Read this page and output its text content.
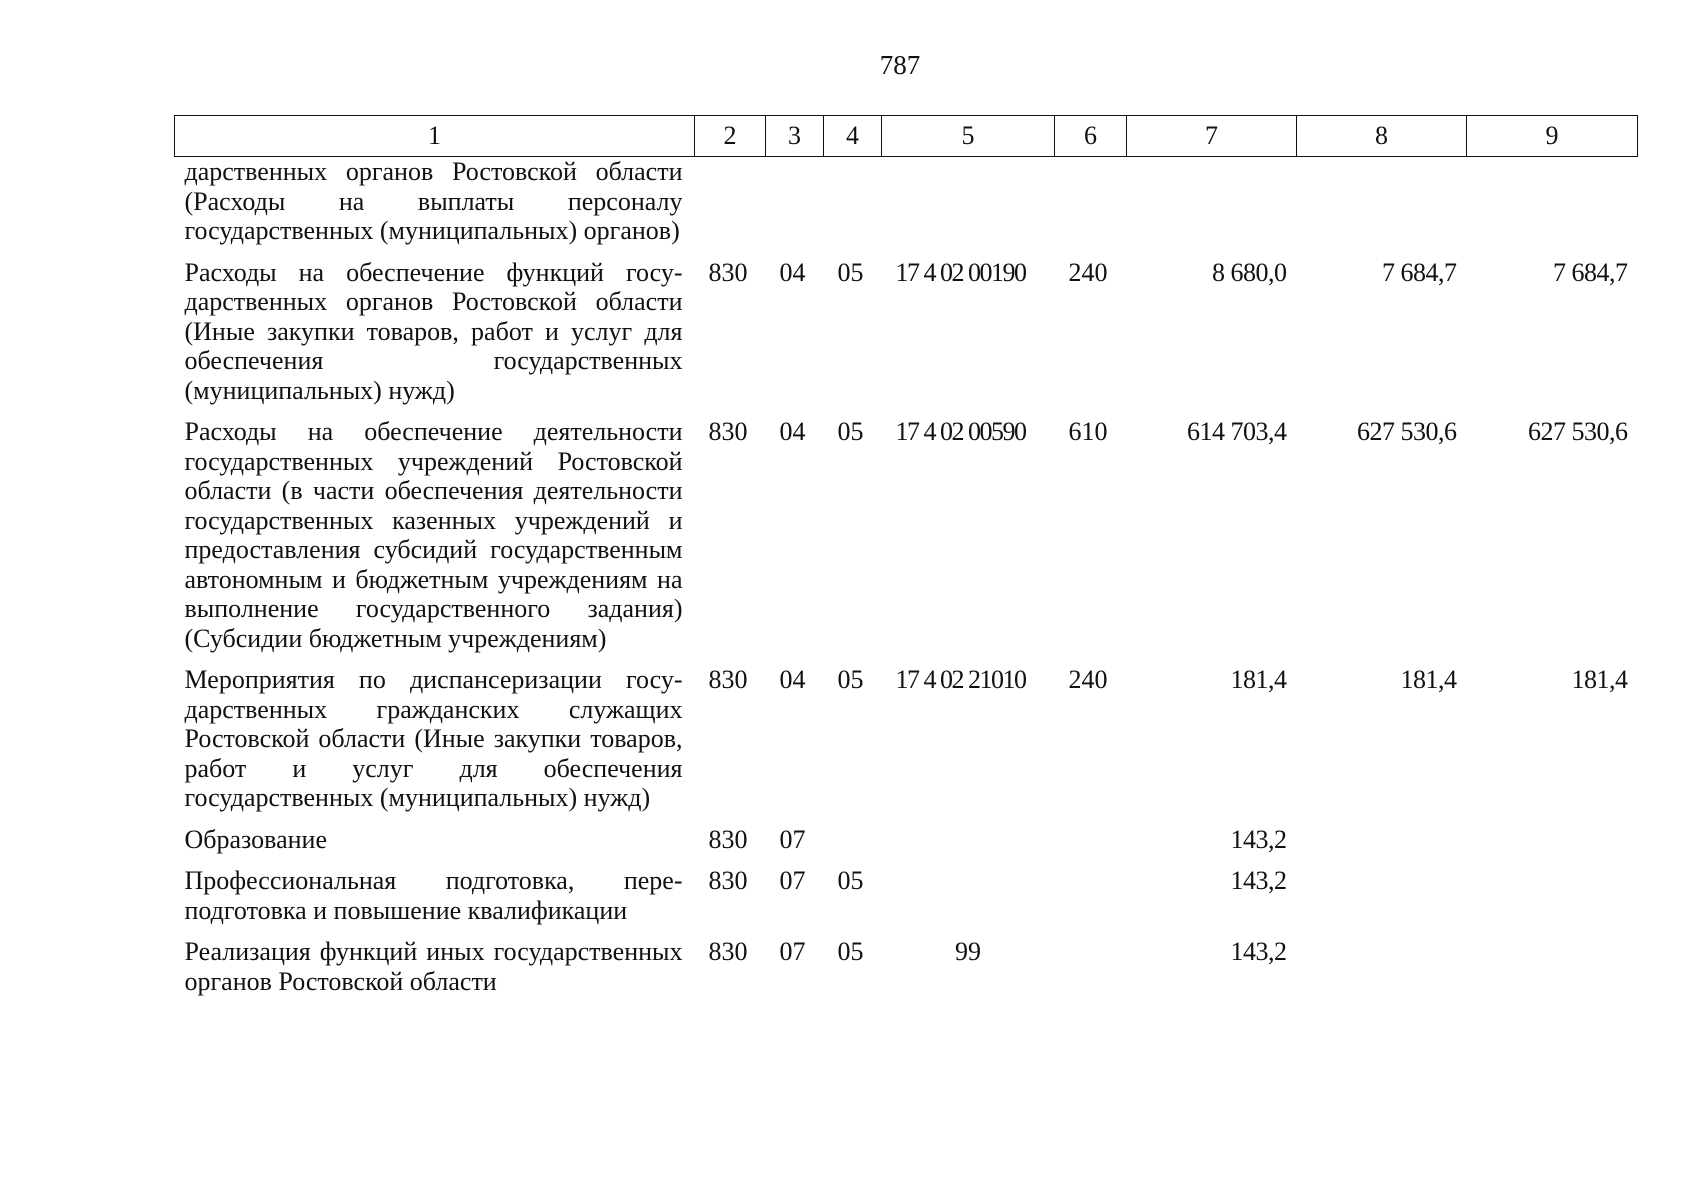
787
1	2	3	4	5	6	7	8	9
дарственных органов Ростовской области (Расходы на выплаты персоналу государственных (муниципальных) органов)								
Расходы на обеспечение функций государственных органов Ростовской области (Иные закупки товаров, работ и услуг для обеспечения государственных (муниципальных) нужд)	830	04	05	17 4 02 00190	240	8 680,0	7 684,7	7 684,7
Расходы на обеспечение деятельности государственных учреждений Ростовской области (в части обеспечения деятельности государственных казенных учреждений и предоставления субсидий государственным автономным и бюджетным учреждениям на выполнение государственного задания) (Субсидии бюджетным учреждениям)	830	04	05	17 4 02 00590	610	614 703,4	627 530,6	627 530,6
Мероприятия по диспансеризации государственных гражданских служащих Ростовской области (Иные закупки товаров, работ и услуг для обеспечения государственных (муниципальных) нужд)	830	04	05	17 4 02 21010	240	181,4	181,4	181,4
Образование	830	07				143,2		
Профессиональная подготовка, переподготовка и повышение квалификации	830	07	05			143,2		
Реализация функций иных государственных органов Ростовской области	830	07	05	99		143,2		
